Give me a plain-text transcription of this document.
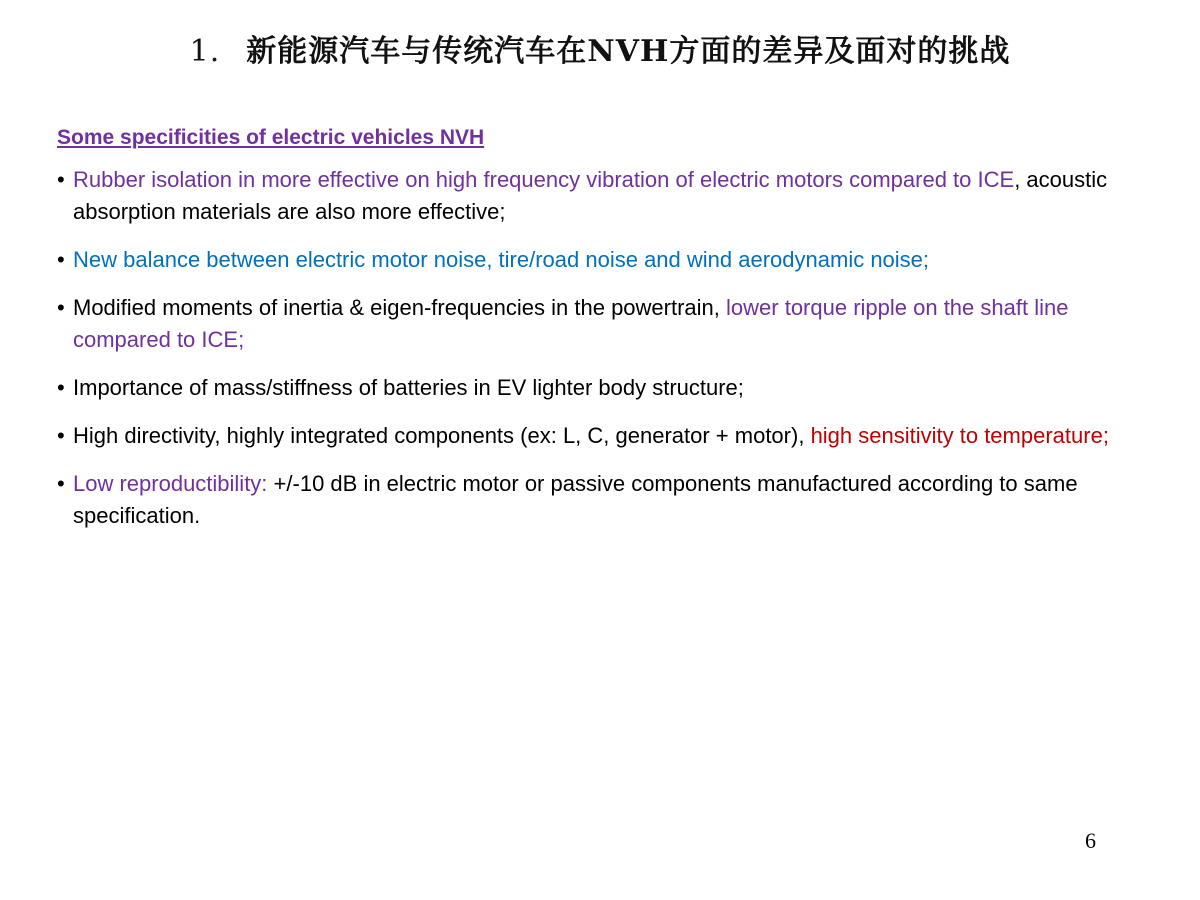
1. 新能源汽车与传统汽车在NVH方面的差异及面对的挑战
Some specificities of electric vehicles NVH
• Rubber isolation in more effective on high frequency vibration of electric motors compared to ICE, acoustic absorption materials are also more effective;
• New balance between electric motor noise, tire/road noise and wind aerodynamic noise;
• Modified moments of inertia & eigen-frequencies in the powertrain, lower torque ripple on the shaft line compared to ICE;
• Importance of mass/stiffness of batteries in EV lighter body structure;
• High directivity, highly integrated components (ex: L, C, generator + motor), high sensitivity to temperature;
• Low reproductibility: +/-10 dB in electric motor or passive components manufactured according to same specification.
6
